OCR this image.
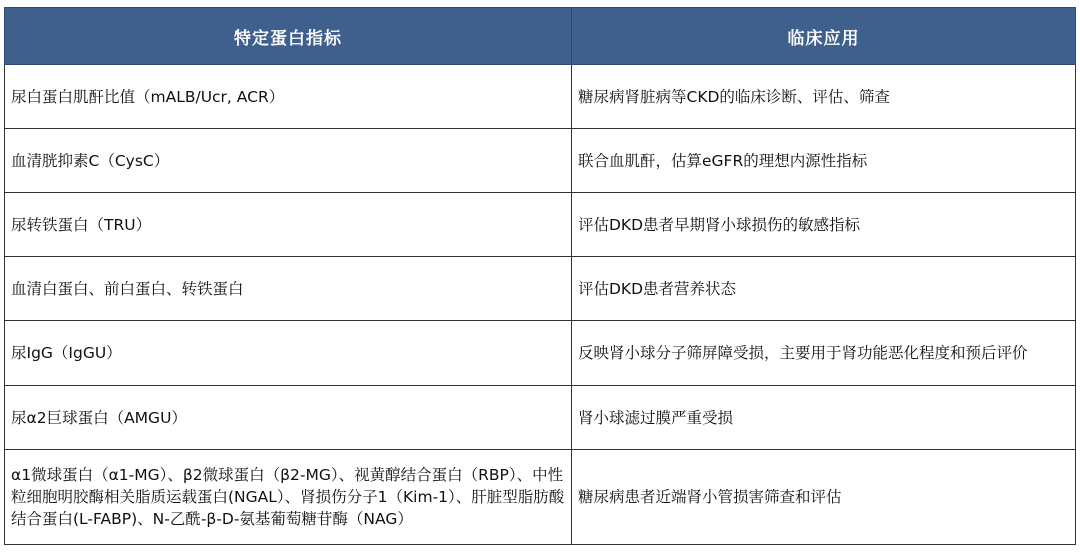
特定蛋白指标	临床应用
尿白蛋白肌酐比值（mALB/Ucr, ACR）	糖尿病肾脏病等CKD的临床诊断、评估、筛查
血清胱抑素C（CysC）	联合血肌酐，估算eGFR的理想内源性指标
尿转铁蛋白（TRU）	评估DKD患者早期肾小球损伤的敏感指标
血清白蛋白、前白蛋白、转铁蛋白	评估DKD患者营养状态
尿IgG（IgGU）	反映肾小球分子筛屏障受损，主要用于肾功能恶化程度和预后评价
尿α2巨球蛋白（AMGU）	肾小球滤过膜严重受损
α1微球蛋白（α1-MG）、β2微球蛋白（β2-MG）、视黄醇结合蛋白（RBP）、中性粒细胞明胶酶相关脂质运载蛋白(NGAL）、肾损伤分子1（Kim-1）、肝脏型脂肪酸结合蛋白(L-FABP)、N-乙酰-β-D-氨基葡萄糖苷酶（NAG）	糖尿病患者近端肾小管损害筛查和评估
